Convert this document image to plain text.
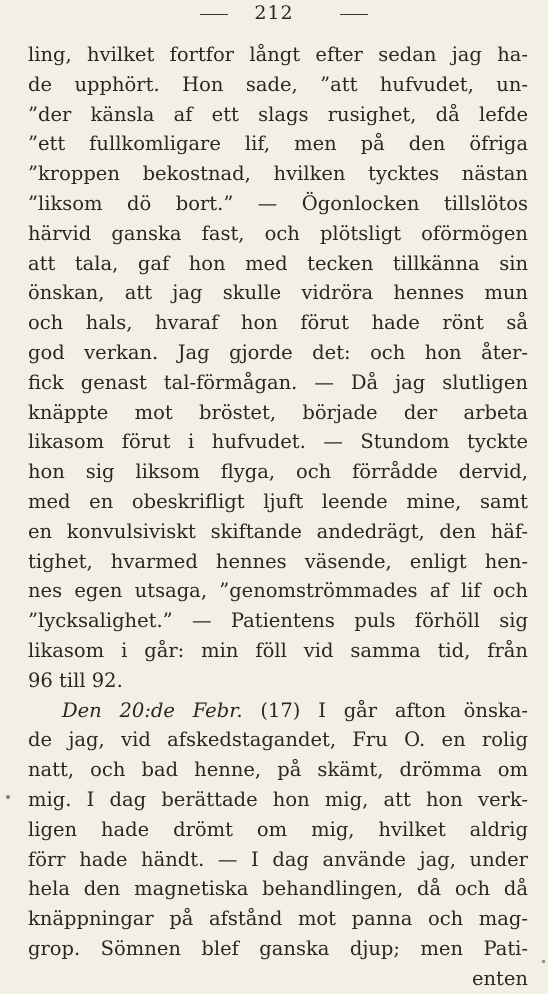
212
ling, hvilket fortfor långt efter sedan jag ha-
de upphört. Hon sade, ”att hufvudet, un-
”der känsla af ett slags rusighet, då lefde
”ett fullkomligare lif, men på den öfriga
”kroppen bekostnad, hvilken tycktes nästan
”liksom dö bort.” — Ögonlocken tillslötos
härvid ganska fast, och plötsligt oförmögen
att tala, gaf hon med tecken tillkänna sin
önskan, att jag skulle vidröra hennes mun
och hals, hvaraf hon förut hade rönt så
god verkan. Jag gjorde det: och hon åter-
fick genast tal-förmågan. — Då jag slutligen
knäppte mot bröstet, började der arbeta
likasom förut i hufvudet. — Stundom tyckte
hon sig liksom flyga, och förrådde dervid,
med en obeskrifligt ljuft leende mine, samt
en konvulsiviskt skiftande andedrägt, den häf-
tighet, hvarmed hennes väsende, enligt hen-
nes egen utsaga, ”genomströmmades af lif och
”lycksalighet.” — Patientens puls förhöll sig
likasom i går: min föll vid samma tid, från
96 till 92.
Den 20:de Febr. (17) I går afton önska-
de jag, vid afskedstagandet, Fru O. en rolig
natt, och bad henne, på skämt, drömma om
mig. I dag berättade hon mig, att hon verk-
ligen hade drömt om mig, hvilket aldrig
förr hade händt. — I dag använde jag, under
hela den magnetiska behandlingen, då och då
knäppningar på afstånd mot panna och mag-
grop. Sömnen blef ganska djup; men Pati-
enten
